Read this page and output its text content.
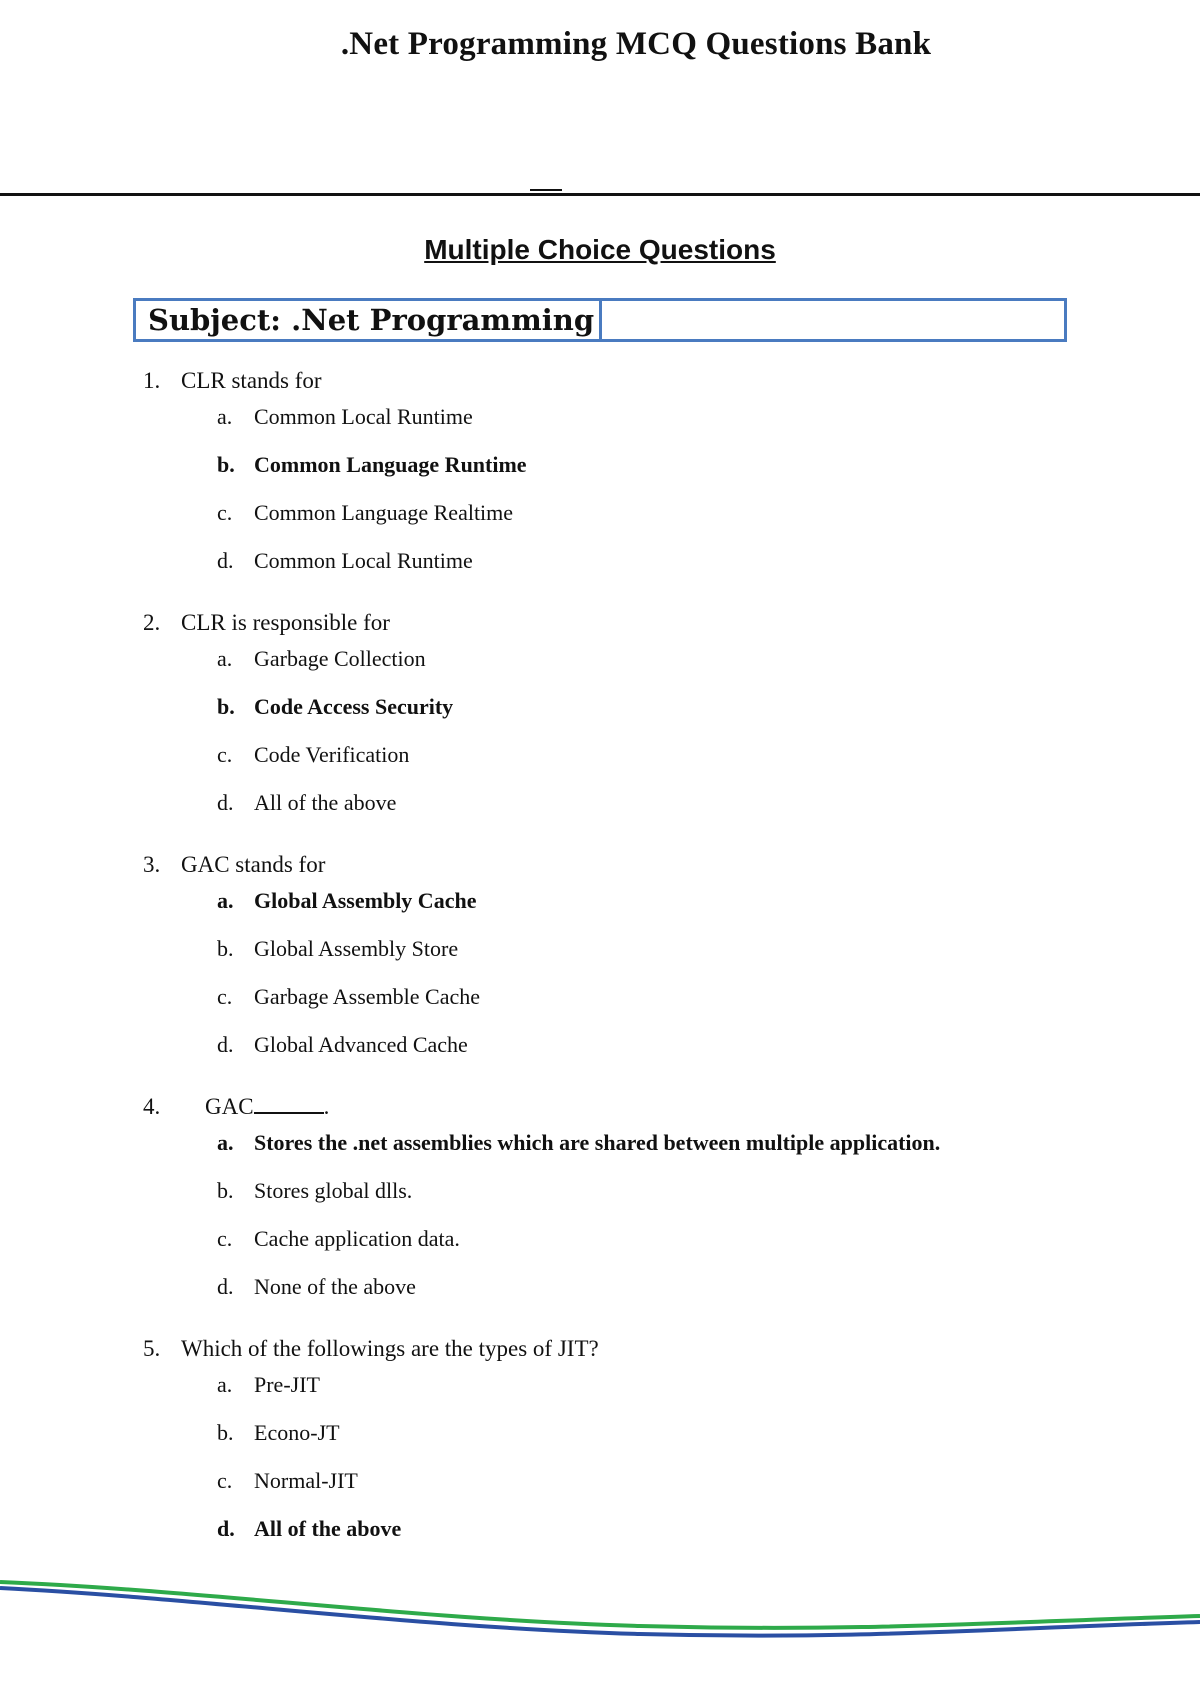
.Net Programming MCQ Questions Bank
Multiple Choice Questions
Subject: .Net Programming
1. CLR stands for
a. Common Local Runtime
b. Common Language Runtime
c. Common Language Realtime
d. Common Local Runtime
2. CLR is responsible for
a. Garbage Collection
b. Code Access Security
c. Code Verification
d. All of the above
3. GAC stands for
a. Global Assembly Cache
b. Global Assembly Store
c. Garbage Assemble Cache
d. Global Advanced Cache
4. GAC	.
a. Stores the .net assemblies which are shared between multiple application.
b. Stores global dlls.
c. Cache application data.
d. None of the above
5. Which of the followings are the types of JIT?
a. Pre-JIT
b. Econo-JT
c. Normal-JIT
d. All of the above
